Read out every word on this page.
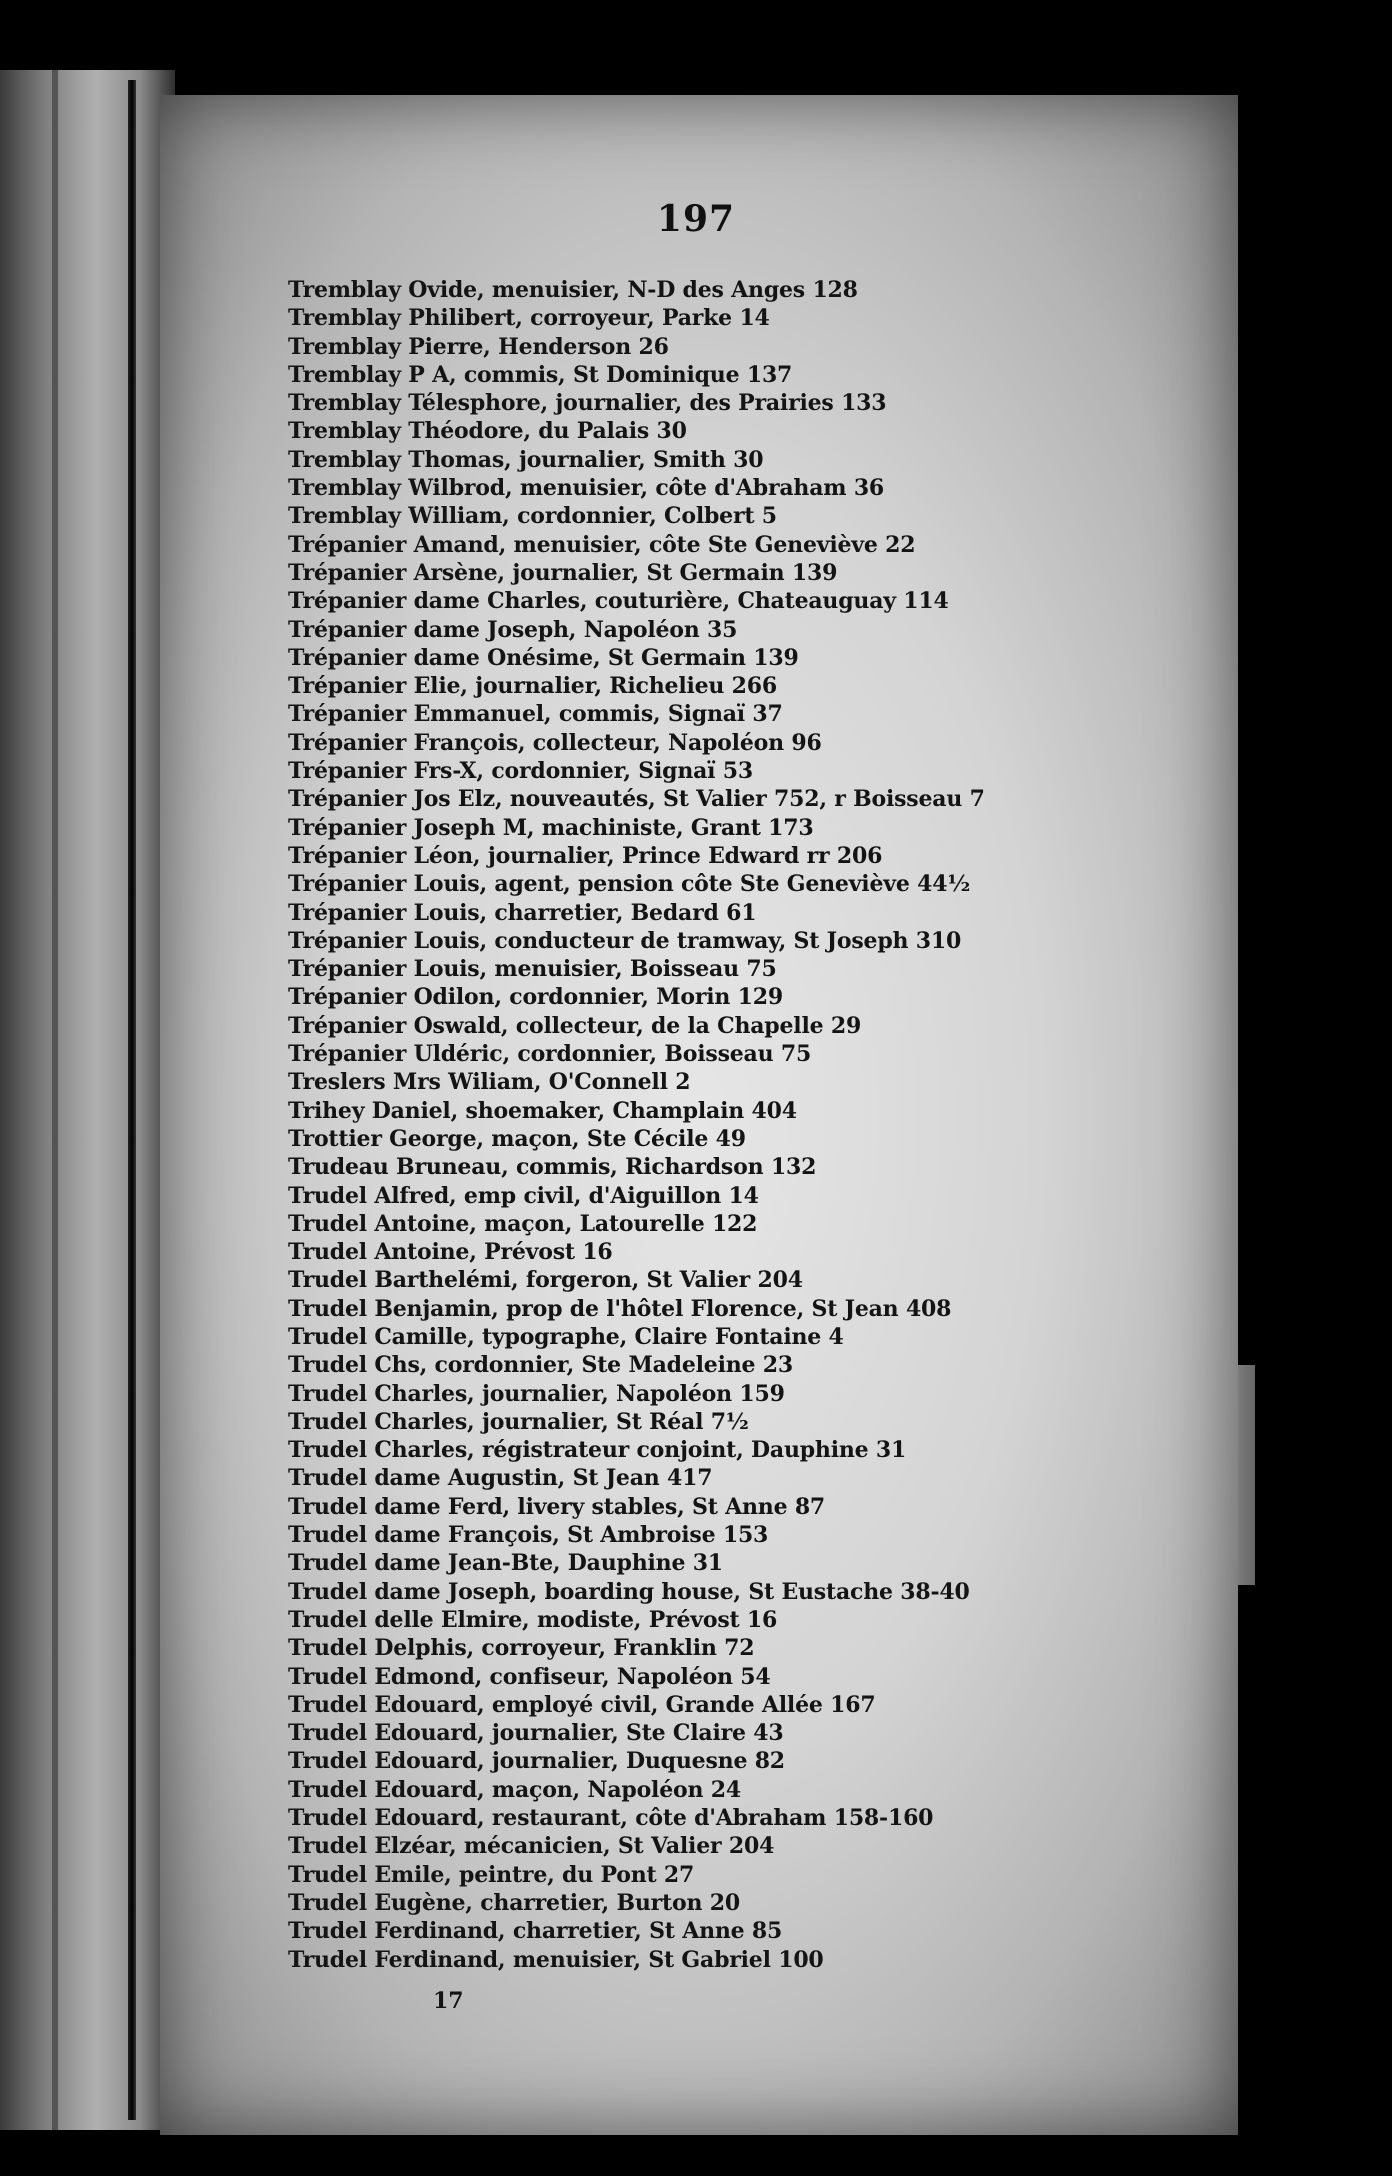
197
Tremblay Ovide, menuisier, N-D des Anges 128
Tremblay Philibert, corroyeur, Parke 14
Tremblay Pierre, Henderson 26
Tremblay P A, commis, St Dominique 137
Tremblay Télesphore, journalier, des Prairies 133
Tremblay Théodore, du Palais 30
Tremblay Thomas, journalier, Smith 30
Tremblay Wilbrod, menuisier, côte d'Abraham 36
Tremblay William, cordonnier, Colbert 5
Trépanier Amand, menuisier, côte Ste Geneviève 22
Trépanier Arsène, journalier, St Germain 139
Trépanier dame Charles, couturière, Chateauguay 114
Trépanier dame Joseph, Napoléon 35
Trépanier dame Onésime, St Germain 139
Trépanier Elie, journalier, Richelieu 266
Trépanier Emmanuel, commis, Signaï 37
Trépanier François, collecteur, Napoléon 96
Trépanier Frs-X, cordonnier, Signaï 53
Trépanier Jos Elz, nouveautés, St Valier 752, r Boisseau 7
Trépanier Joseph M, machiniste, Grant 173
Trépanier Léon, journalier, Prince Edward rr 206
Trépanier Louis, agent, pension côte Ste Geneviève 44½
Trépanier Louis, charretier, Bedard 61
Trépanier Louis, conducteur de tramway, St Joseph 310
Trépanier Louis, menuisier, Boisseau 75
Trépanier Odilon, cordonnier, Morin 129
Trépanier Oswald, collecteur, de la Chapelle 29
Trépanier Uldéric, cordonnier, Boisseau 75
Treslers Mrs Wiliam, O'Connell 2
Trihey Daniel, shoemaker, Champlain 404
Trottier George, maçon, Ste Cécile 49
Trudeau Bruneau, commis, Richardson 132
Trudel Alfred, emp civil, d'Aiguillon 14
Trudel Antoine, maçon, Latourelle 122
Trudel Antoine, Prévost 16
Trudel Barthelémi, forgeron, St Valier 204
Trudel Benjamin, prop de l'hôtel Florence, St Jean 408
Trudel Camille, typographe, Claire Fontaine 4
Trudel Chs, cordonnier, Ste Madeleine 23
Trudel Charles, journalier, Napoléon 159
Trudel Charles, journalier, St Réal 7½
Trudel Charles, régistrateur conjoint, Dauphine 31
Trudel dame Augustin, St Jean 417
Trudel dame Ferd, livery stables, St Anne 87
Trudel dame François, St Ambroise 153
Trudel dame Jean-Bte, Dauphine 31
Trudel dame Joseph, boarding house, St Eustache 38-40
Trudel delle Elmire, modiste, Prévost 16
Trudel Delphis, corroyeur, Franklin 72
Trudel Edmond, confiseur, Napoléon 54
Trudel Edouard, employé civil, Grande Allée 167
Trudel Edouard, journalier, Ste Claire 43
Trudel Edouard, journalier, Duquesne 82
Trudel Edouard, maçon, Napoléon 24
Trudel Edouard, restaurant, côte d'Abraham 158-160
Trudel Elzéar, mécanicien, St Valier 204
Trudel Emile, peintre, du Pont 27
Trudel Eugène, charretier, Burton 20
Trudel Ferdinand, charretier, St Anne 85
Trudel Ferdinand, menuisier, St Gabriel 100
17
